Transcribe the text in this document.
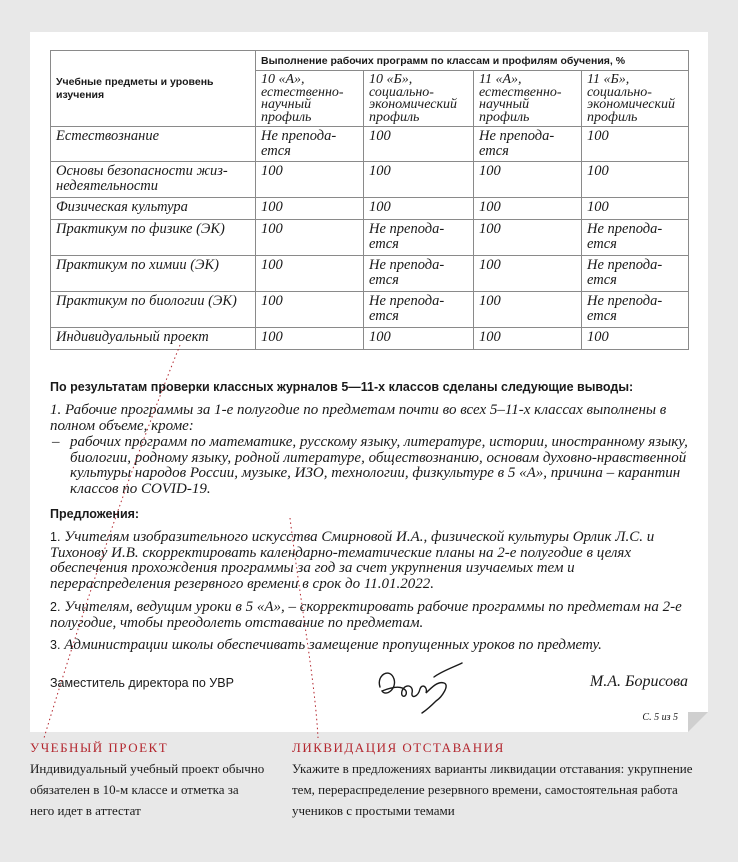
Учебные предметы и уровень изучения	Выполнение рабочих программ по классам и профилям обучения, %			
	10 «А», естественно-научный профиль	10 «Б», социально-экономический профиль	11 «А», естественно-научный профиль	11 «Б», социально-экономический профиль
Естествознание	Не препода-ется	100	Не препода-ется	100
Основы безопасности жиз-недеятельности	100	100	100	100
Физическая культура	100	100	100	100
Практикум по физике (ЭК)	100	Не препода-ется	100	Не препода-ется
Практикум по химии (ЭК)	100	Не препода-ется	100	Не препода-ется
Практикум по биологии (ЭК)	100	Не препода-ется	100	Не препода-ется
Индивидуальный проект	100	100	100	100
По результатам проверки классных журналов 5—11-х классов сделаны следующие выводы:
1. Рабочие программы за 1-е полугодие по предметам почти во всех 5–11-х классах выполнены в полном объеме, кроме:
– рабочих программ по математике, русскому языку, литературе, истории, иностранному языку, биологии, родному языку, родной литературе, обществознанию, основам духовно-нравственной культуры народов России, музыке, ИЗО, технологии, физкультуре в 5 «А», причина – карантин классов по COVID-19.
Предложения:
1. Учителям изобразительного искусства Смирновой И.А., физической культуры Орлик Л.С. и Тихонову И.В. скорректировать календарно-тематические планы на 2-е полугодие в целях обеспечения прохождения программы за год за счет укрупнения изучаемых тем и перераспределения резервного времени в срок до 11.01.2022.
2. Учителям, ведущим уроки в 5 «А», – скорректировать рабочие программы по предметам на 2-е полугодие, чтобы преодолеть отставание по предметам.
3. Администрации школы обеспечивать замещение пропущенных уроков по предмету.
Заместитель директора по УВР	М.А. Борисова
С. 5 из 5
УЧЕБНЫЙ ПРОЕКТ
Индивидуальный учебный проект обычно обязателен в 10-м классе и отметка за него идет в аттестат
ЛИКВИДАЦИЯ ОТСТАВАНИЯ
Укажите в предложениях варианты ликвидации отставания: укрупнение тем, перераспределение резервного времени, самостоятельная работа учеников с простыми темами
